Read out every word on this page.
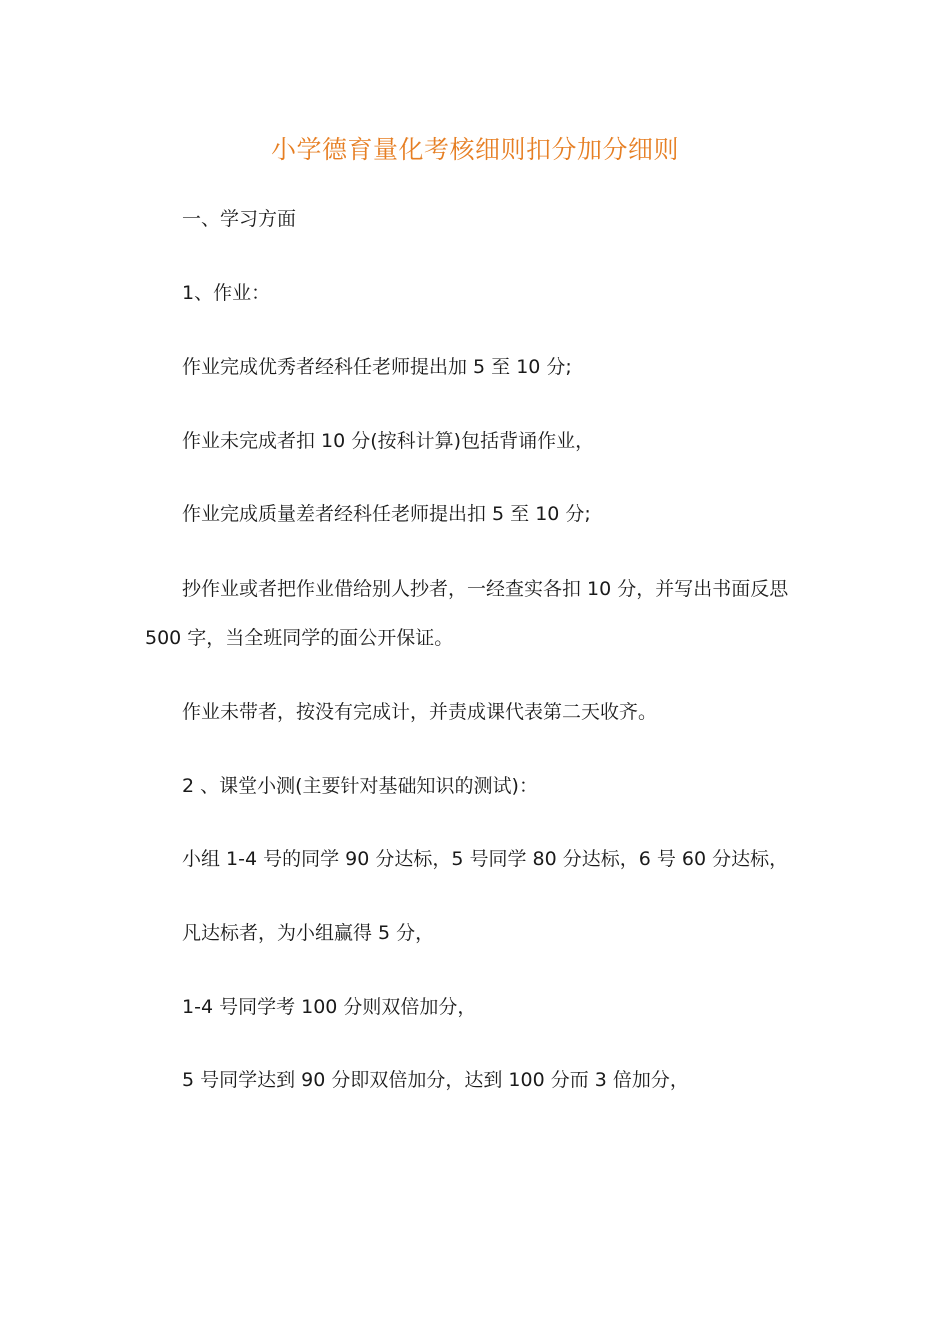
小学德育量化考核细则扣分加分细则
一、学习方面
1、作业：
作业完成优秀者经科任老师提出加 5 至 10 分;
作业未完成者扣 10 分(按科计算)包括背诵作业，
作业完成质量差者经科任老师提出扣 5 至 10 分;
抄作业或者把作业借给别人抄者，一经查实各扣 10 分，并写出书面反思
500 字，当全班同学的面公开保证。
作业未带者，按没有完成计，并责成课代表第二天收齐。
2 、课堂小测(主要针对基础知识的测试)：
小组 1-4 号的同学 90 分达标，5 号同学 80 分达标，6 号 60 分达标，
凡达标者，为小组赢得 5 分，
1-4 号同学考 100 分则双倍加分，
5 号同学达到 90 分即双倍加分，达到 100 分而 3 倍加分，
